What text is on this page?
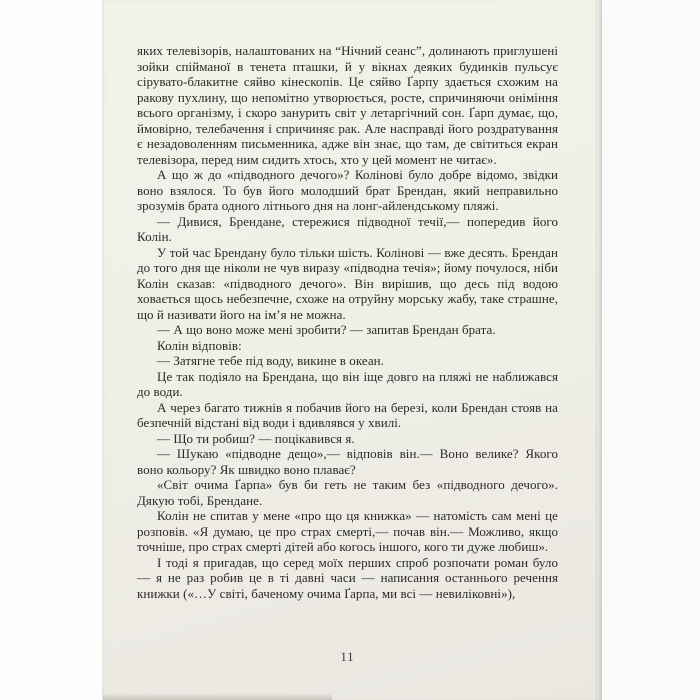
яких телевізорів, налаштованих на “Нічний сеанс”, долинають приглушені зойки спійманої в тенета пташки, й у вікнах деяких будинків пульсує сірувато-блакитне сяйво кінескопів. Це сяйво Ґарпу здається схожим на ракову пухлину, що непомітно утворюється, росте, спричиняючи оніміння всього організму, і скоро занурить світ у летаргічний сон. Ґарп думає, що, ймовірно, телебачення і спричиняє рак. Але насправді його роздратування є незадоволенням письменника, адже він знає, що там, де світиться екран телевізора, перед ним сидить хтось, хто у цей момент не читає».

А що ж до «підводного дечого»? Колінові було добре відомо, звідки воно взялося. То був його молодший брат Брендан, який неправильно зрозумів брата одного літнього дня на лонг-айлендському пляжі.

— Дивися, Брендане, стережися підводної течії,— попередив його Колін.

У той час Брендану було тільки шість. Колінові — вже десять. Брендан до того дня ще ніколи не чув виразу «підводна течія»; йому почулося, ніби Колін сказав: «підводного дечого». Він вирішив, що десь під водою ховається щось небезпечне, схоже на отруйну морську жабу, таке страшне, що й називати його на ім’я не можна.

— А що воно може мені зробити? — запитав Брендан брата.

Колін відповів:

— Затягне тебе під воду, викине в океан.

Це так подіяло на Брендана, що він іще довго на пляжі не наближався до води.

А через багато тижнів я побачив його на березі, коли Брендан стояв на безпечній відстані від води і вдивлявся у хвилі.

— Що ти робиш? — поцікавився я.

— Шукаю «підводне дещо»,— відповів він.— Воно велике? Якого воно кольору? Як швидко воно плаває?

«Світ очима Ґарпа» був би геть не таким без «підводного дечого». Дякую тобі, Брендане.

Колін не спитав у мене «про що ця книжка» — натомість сам мені це розповів. «Я думаю, це про страх смерті,— почав він.— Можливо, якщо точніше, про страх смерті дітей або когось іншого, кого ти дуже любиш».

І тоді я пригадав, що серед моїх перших спроб розпочати роман було — я не раз робив це в ті давні часи — написання останнього речення книжки («…У світі, баченому очима Ґарпа, ми всі — невиліковні»),

11
